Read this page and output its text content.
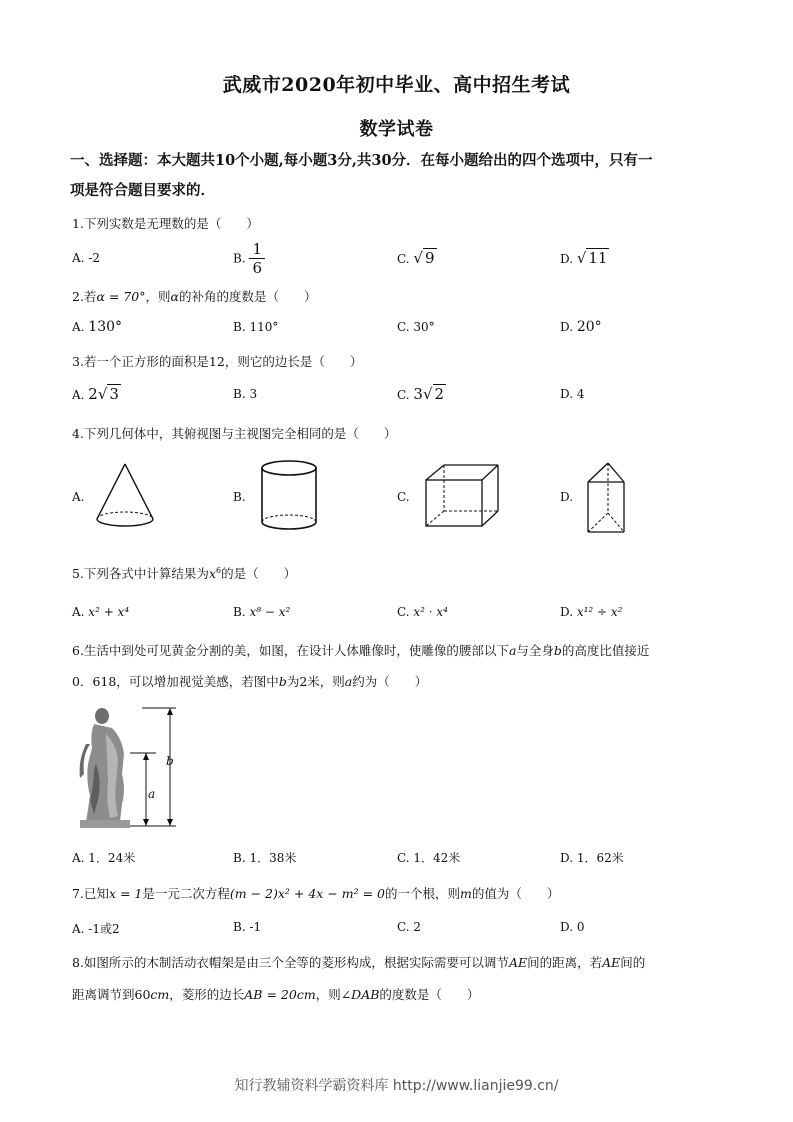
武威市2020年初中毕业、高中招生考试
数学试卷
一、选择题：本大题共10个小题,每小题3分,共30分．在每小题给出的四个选项中，只有一
项是符合题目要求的．
1.下列实数是无理数的是（　　）
A. -2	B. $\frac{1}{6}$	C. √ 9	D. √ 11
2.若α = 70°，则α的补角的度数是（　　）
A. 130°	B. 110°	C. 30°	D. 20°
3.若一个正方形的面积是12，则它的边长是（　　）
A. 2√ 3	B. 3	C. 3√ 2	D. 4
4.下列几何体中，其俯视图与主视图完全相同的是（　　）
A.	B.	C.	D.
5.下列各式中计算结果为$x^6$的是（　　）
A. x² + x⁴	B. x⁸ − x²	C. x² · x⁴	D. x¹² ÷ x²
6.生活中到处可见黄金分割的美，如图，在设计人体雕像时，使雕像的腰部以下a与全身b的高度比值接近
0．618，可以增加视觉美感，若图中b为2米，则a约为（　　）
b
a
A. 1．24米	B. 1．38米	C. 1．42米	D. 1．62米
7.已知x = 1是一元二次方程(m − 2)x² + 4x − m² = 0的一个根，则m的值为（　　）
A. -1或2	B. -1	C. 2	D. 0
8.如图所示的木制活动衣帽架是由三个全等的菱形构成，根据实际需要可以调节AE间的距离，若AE间的
距离调节到60cm，菱形的边长AB = 20cm，则∠DAB的度数是（　　）
知行教辅资料学霸资料库 http://www.lianjie99.cn/
